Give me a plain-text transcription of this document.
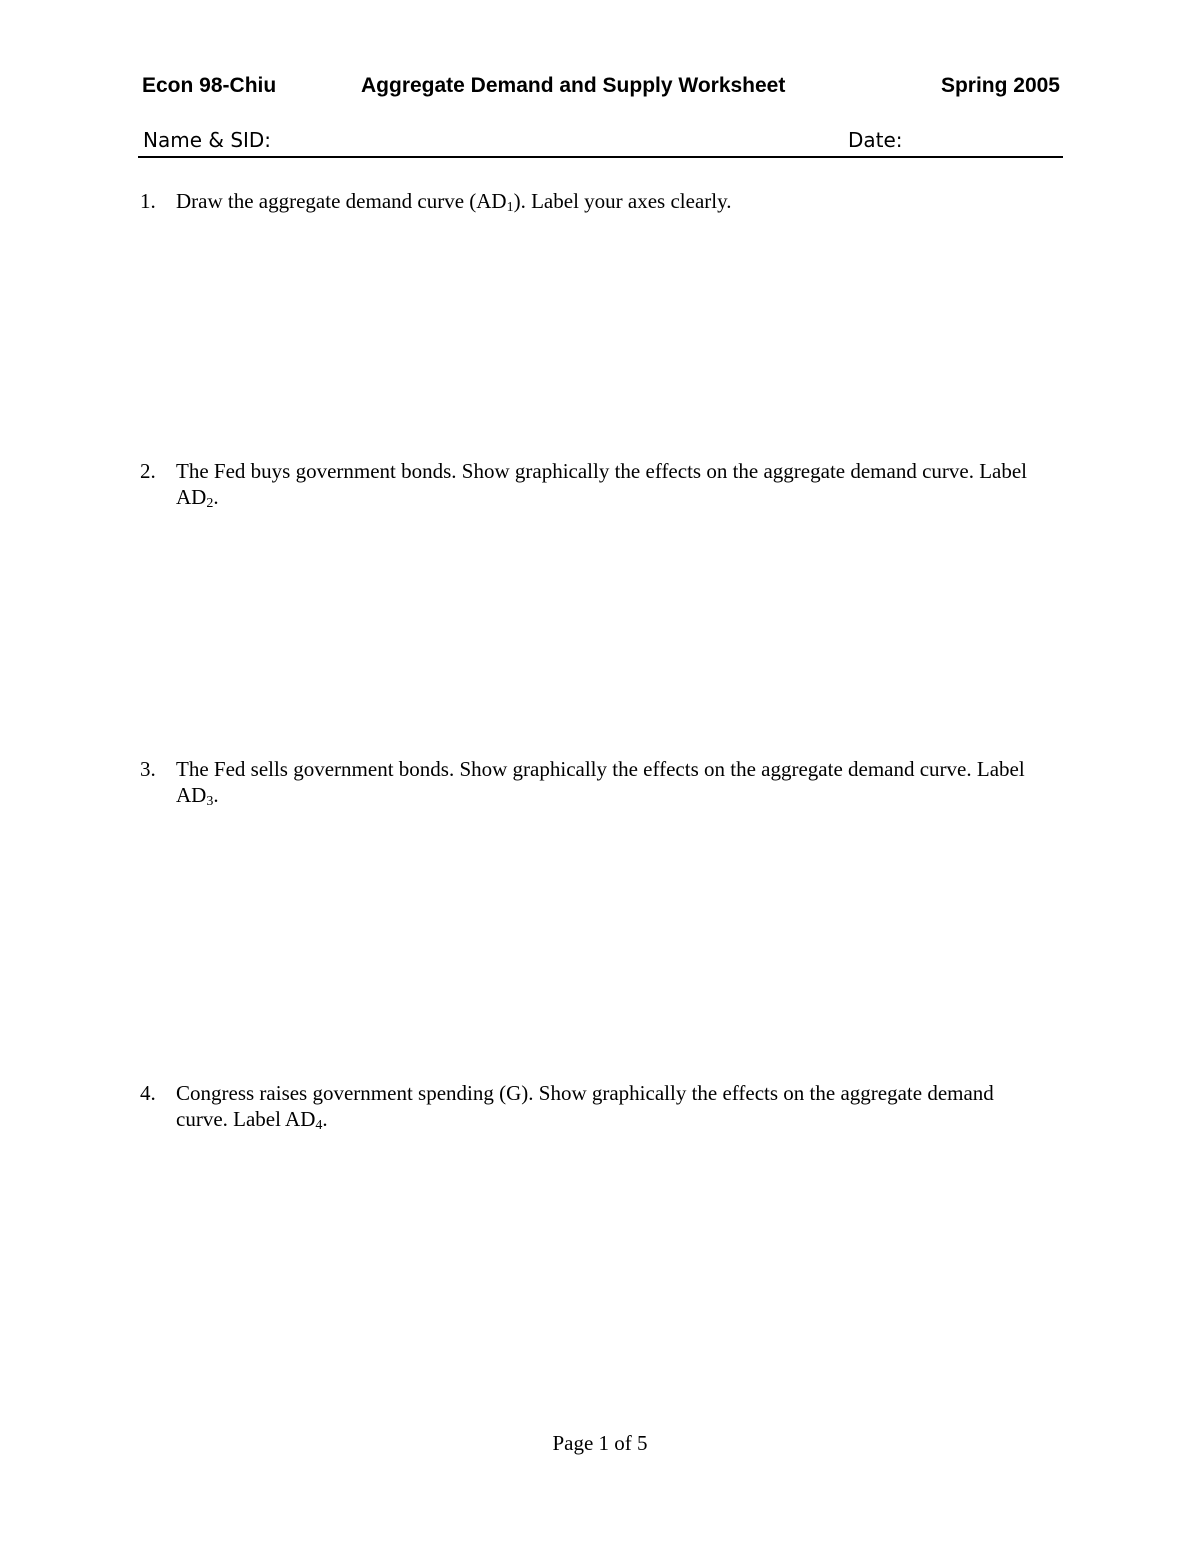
Econ 98-Chiu	Aggregate Demand and Supply Worksheet	Spring 2005
Name & SID:	Date:
1. Draw the aggregate demand curve $(AD_1)$. Label your axes clearly.
2. The Fed buys government bonds. Show graphically the effects on the aggregate demand curve. Label $AD_2$.
3. The Fed sells government bonds. Show graphically the effects on the aggregate demand curve. Label $AD_3$.
4. Congress raises government spending (G). Show graphically the effects on the aggregate demand curve. Label $AD_4$.
Page 1 of 5
